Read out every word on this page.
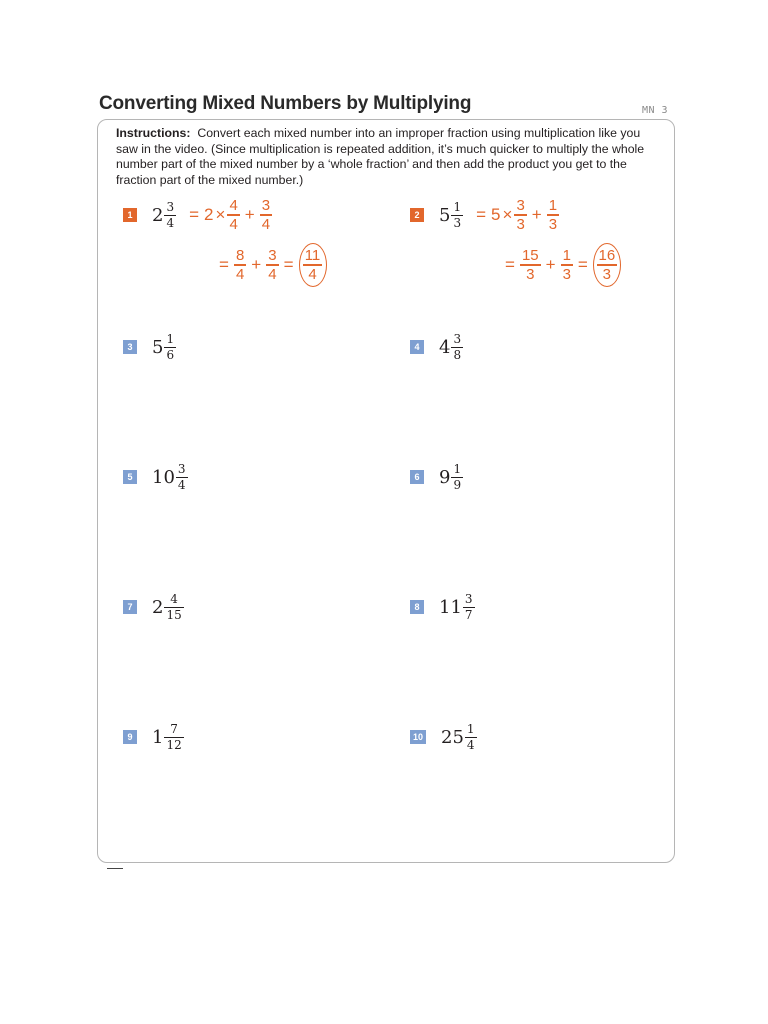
Converting Mixed Numbers by Multiplying	MN 3
Instructions: Convert each mixed number into an improper fraction using multiplication like you saw in the video. (Since multiplication is repeated addition, it’s much quicker to multiply the whole number part of the mixed number by a ‘whole fraction’ and then add the product you get to the fraction part of the mixed number.)
1 $2 \frac{3}{4} = 2 \times 4$
4
+ 3
4
= 8
4
+ 3
4
= 11
4
2 $5 \frac{1}{3} = 5 \times 3$
3
+ 1
3
= 15
3
+ 1
3
= 16
3
3 $5 \frac{1}{6}$	4 $4 \frac{3}{8}$
5 $10 \frac{3}{4}$	6 $9 \frac{1}{9}$
7 $2 \frac{4}{15}$	8 $11 \frac{3}{7}$
9 $1 \frac{7}{12}$	10 $25 \frac{1}{4}$
